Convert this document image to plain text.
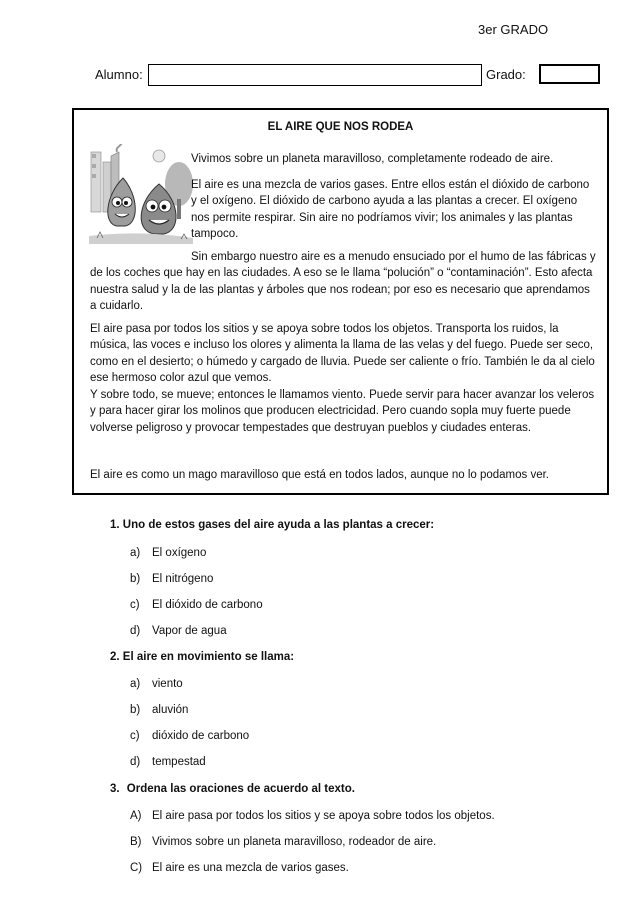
3er GRADO
Alumno:	Grado:
EL AIRE QUE NOS RODEA
Vivimos sobre un planeta maravilloso, completamente rodeado de aire.
El aire es una mezcla de varios gases. Entre ellos están el dióxido de carbono y el oxígeno. El dióxido de carbono ayuda a las plantas a crecer. El oxígeno nos permite respirar. Sin aire no podríamos vivir; los animales y las plantas tampoco.
Sin embargo nuestro aire es a menudo ensuciado por el humo de las fábricas y de los coches que hay en las ciudades. A eso se le llama “polución” o “contaminación”. Esto afecta nuestra salud y la de las plantas y árboles que nos rodean; por eso es necesario que aprendamos a cuidarlo.
El aire pasa por todos los sitios y se apoya sobre todos los objetos. Transporta los ruidos, la música, las voces e incluso los olores y alimenta la llama de las velas y del fuego. Puede ser seco, como en el desierto; o húmedo y cargado de lluvia. Puede ser caliente o frío. También le da al cielo ese hermoso color azul que vemos.
Y sobre todo, se mueve; entonces le llamamos viento. Puede servir para hacer avanzar los veleros y para hacer girar los molinos que producen electricidad. Pero cuando sopla muy fuerte puede volverse peligroso y provocar tempestades que destruyan pueblos y ciudades enteras.
El aire es como un mago maravilloso que está en todos lados, aunque no lo podamos ver.
1. Uno de estos gases del aire ayuda a las plantas a crecer:
a) El oxígeno
b) El nitrógeno
c) El dióxido de carbono
d) Vapor de agua
2. El aire en movimiento se llama:
a) viento
b) aluvión
c) dióxido de carbono
d) tempestad
3. Ordena las oraciones de acuerdo al texto.
A) El aire pasa por todos los sitios y se apoya sobre todos los objetos.
B) Vivimos sobre un planeta maravilloso, rodeador de aire.
C) El aire es una mezcla de varios gases.
